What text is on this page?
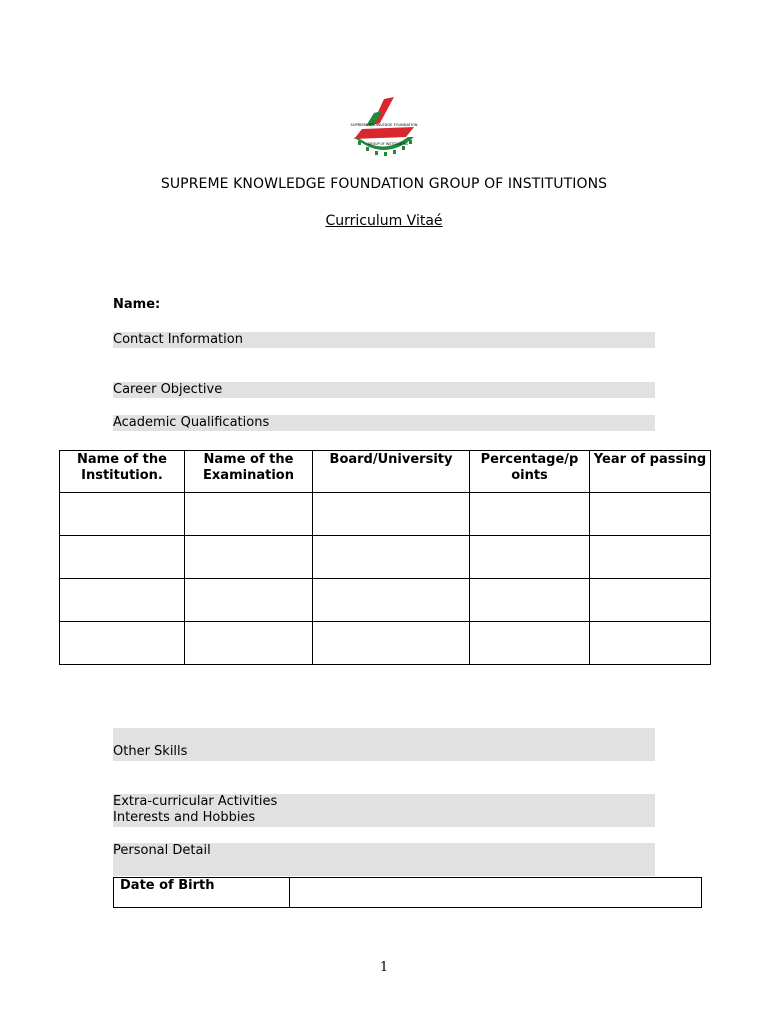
SUPREME KNOWLEDGE FOUNDATION
GROUP OF INSTITUTIONS
SUPREME KNOWLEDGE FOUNDATION GROUP OF INSTITUTIONS
Curriculum Vitaé
Name:
Contact Information
Career Objective
Academic Qualifications
Name of the Institution.	Name of the Examination	Board/University	Percentage/p oints	Year of passing

Other Skills
Extra-curricular Activities
Interests and Hobbies
Personal Detail
Date of Birth	
1
